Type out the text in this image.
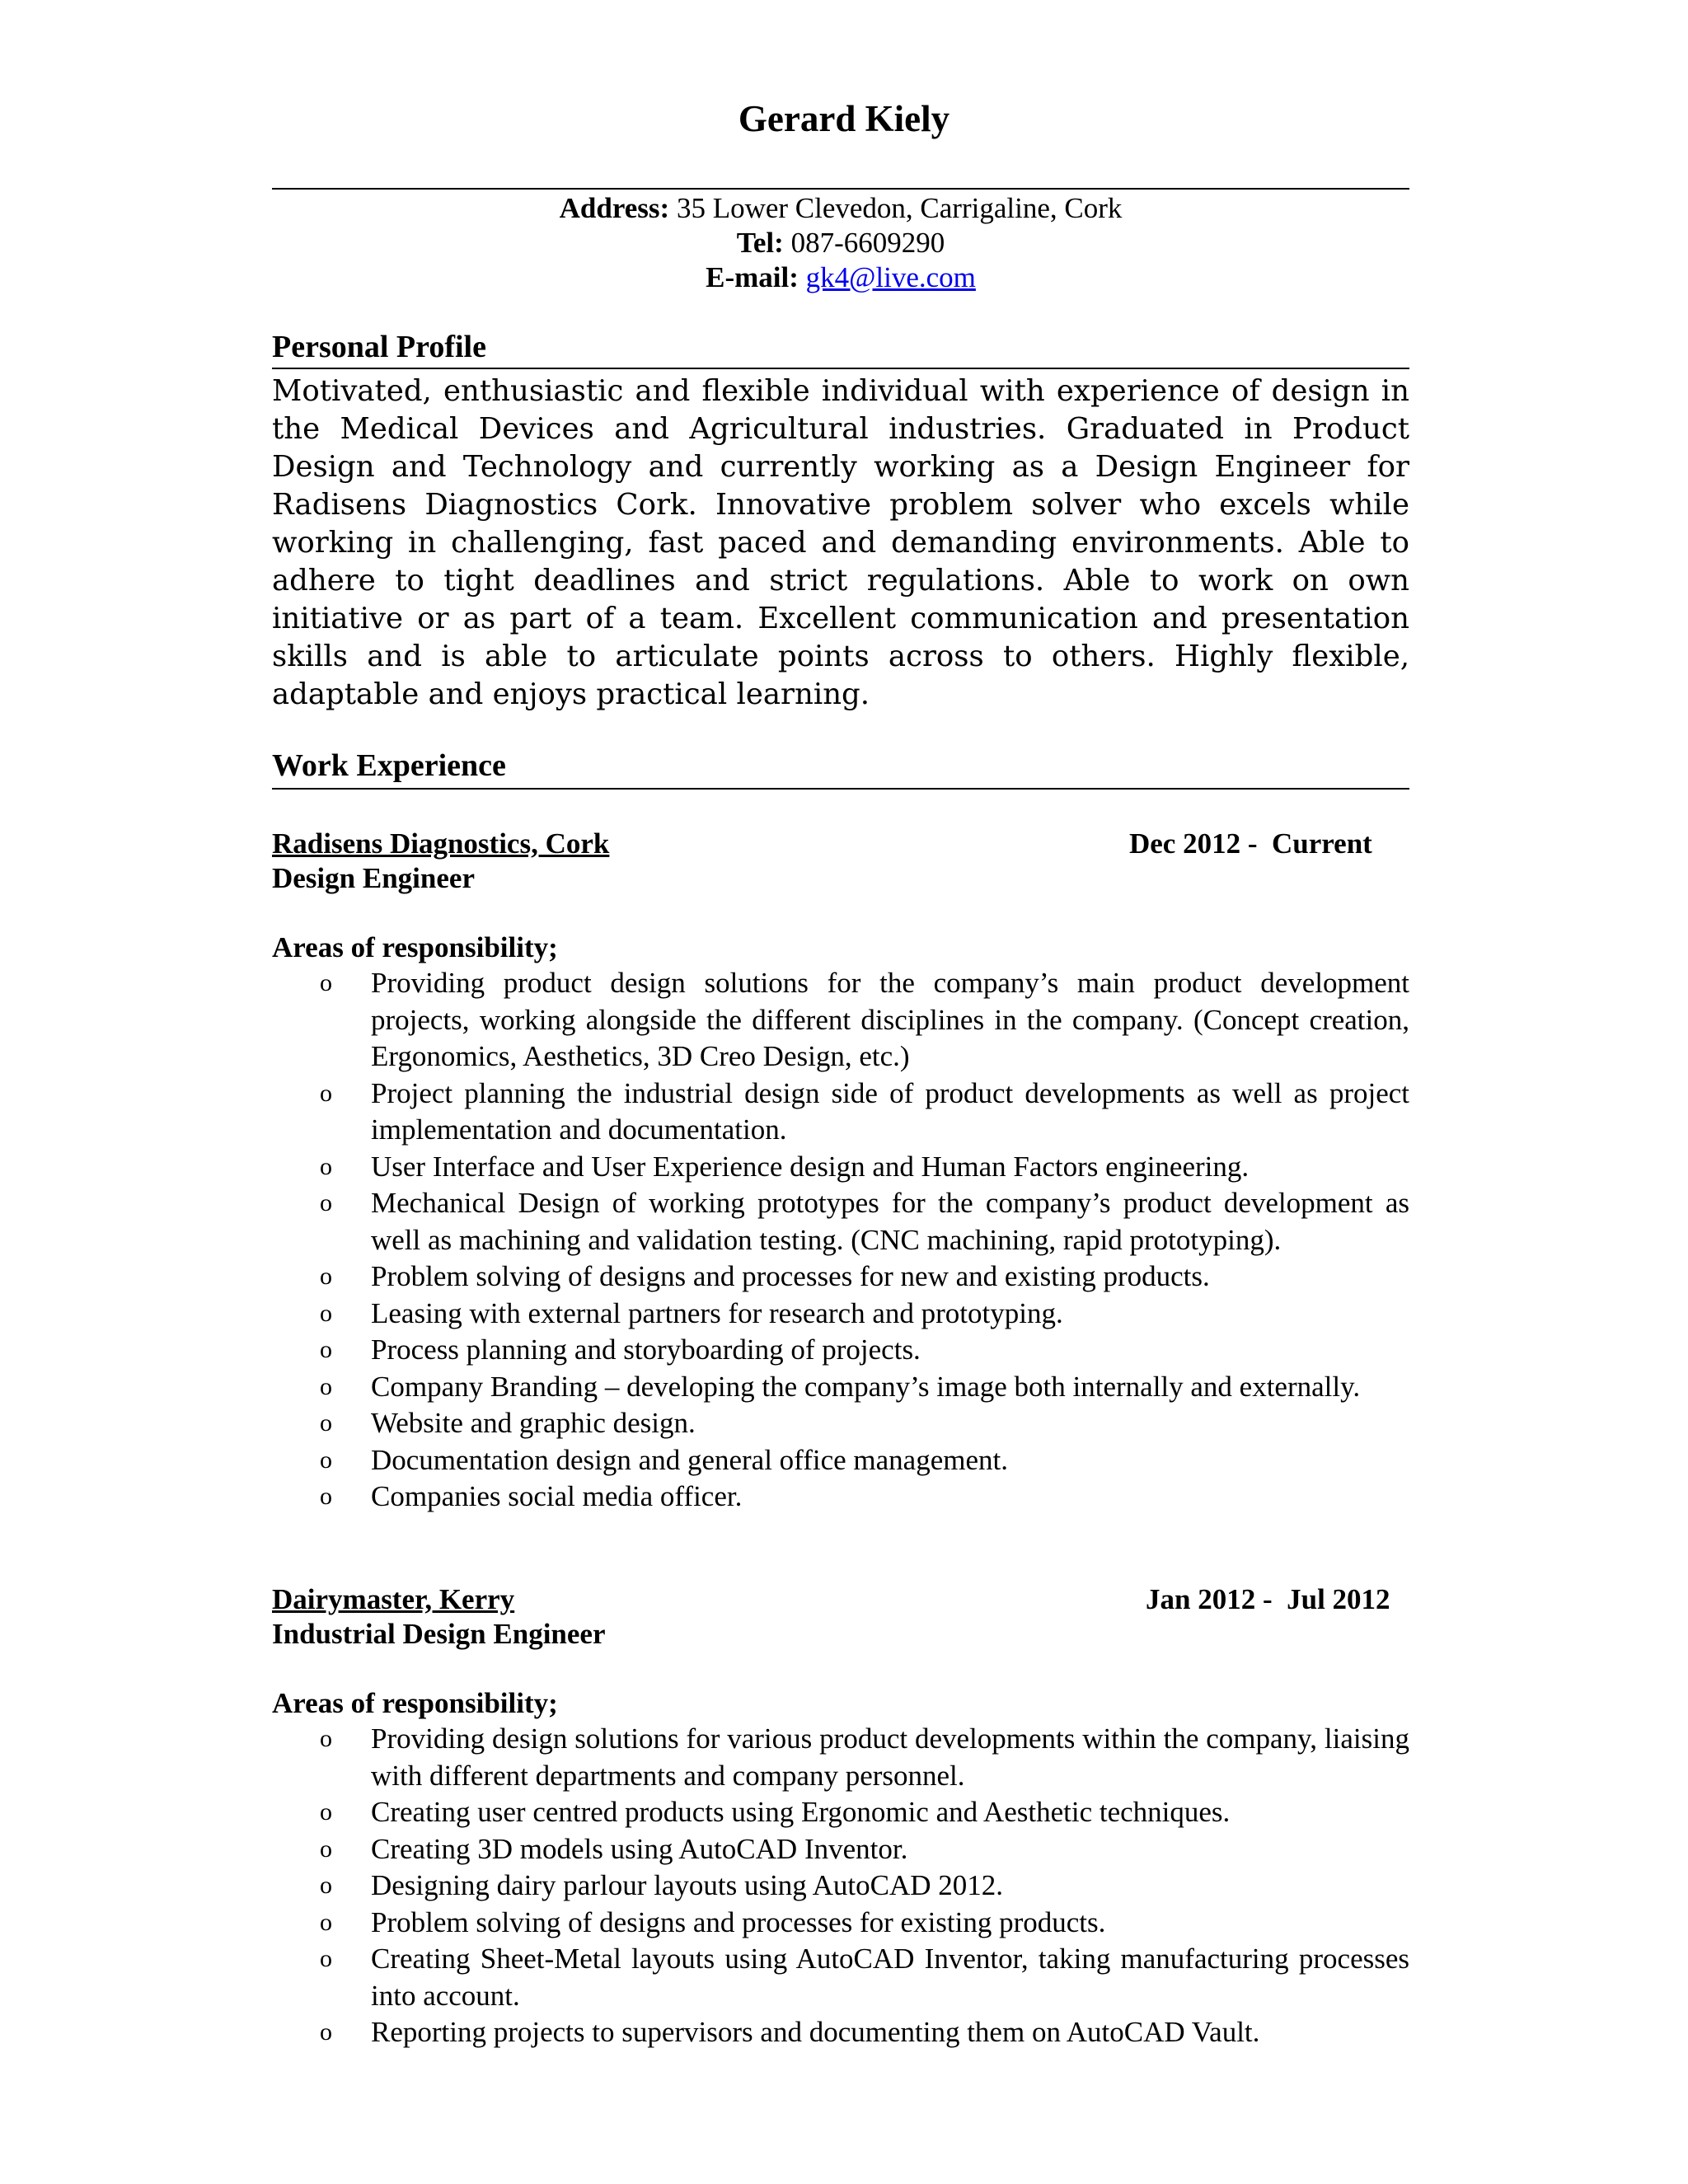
Gerard Kiely
Address: 35 Lower Clevedon, Carrigaline, Cork
Tel: 087-6609290
E-mail: gk4@live.com
Personal Profile
Motivated, enthusiastic and flexible individual with experience of design in the Medical Devices and Agricultural industries. Graduated in Product Design and Technology and currently working as a Design Engineer for Radisens Diagnostics Cork. Innovative problem solver who excels while working in challenging, fast paced and demanding environments. Able to adhere to tight deadlines and strict regulations. Able to work on own initiative or as part of a team. Excellent communication and presentation skills and is able to articulate points across to others. Highly flexible, adaptable and enjoys practical learning.
Work Experience
Radisens Diagnostics, Cork	Dec 2012 -  Current
Design Engineer
Areas of responsibility;
o Providing product design solutions for the company’s main product development projects, working alongside the different disciplines in the company. (Concept creation, Ergonomics, Aesthetics, 3D Creo Design, etc.)
o Project planning the industrial design side of product developments as well as project implementation and documentation.
o User Interface and User Experience design and Human Factors engineering.
o Mechanical Design of working prototypes for the company’s product development as well as machining and validation testing. (CNC machining, rapid prototyping).
o Problem solving of designs and processes for new and existing products.
o Leasing with external partners for research and prototyping.
o Process planning and storyboarding of projects.
o Company Branding – developing the company’s image both internally and externally.
o Website and graphic design.
o Documentation design and general office management.
o Companies social media officer.
Dairymaster, Kerry	Jan 2012 -  Jul 2012
Industrial Design Engineer
Areas of responsibility;
o Providing design solutions for various product developments within the company, liaising with different departments and company personnel.
o Creating user centred products using Ergonomic and Aesthetic techniques.
o Creating 3D models using AutoCAD Inventor.
o Designing dairy parlour layouts using AutoCAD 2012.
o Problem solving of designs and processes for existing products.
o Creating Sheet-Metal layouts using AutoCAD Inventor, taking manufacturing processes into account.
o Reporting projects to supervisors and documenting them on AutoCAD Vault.
